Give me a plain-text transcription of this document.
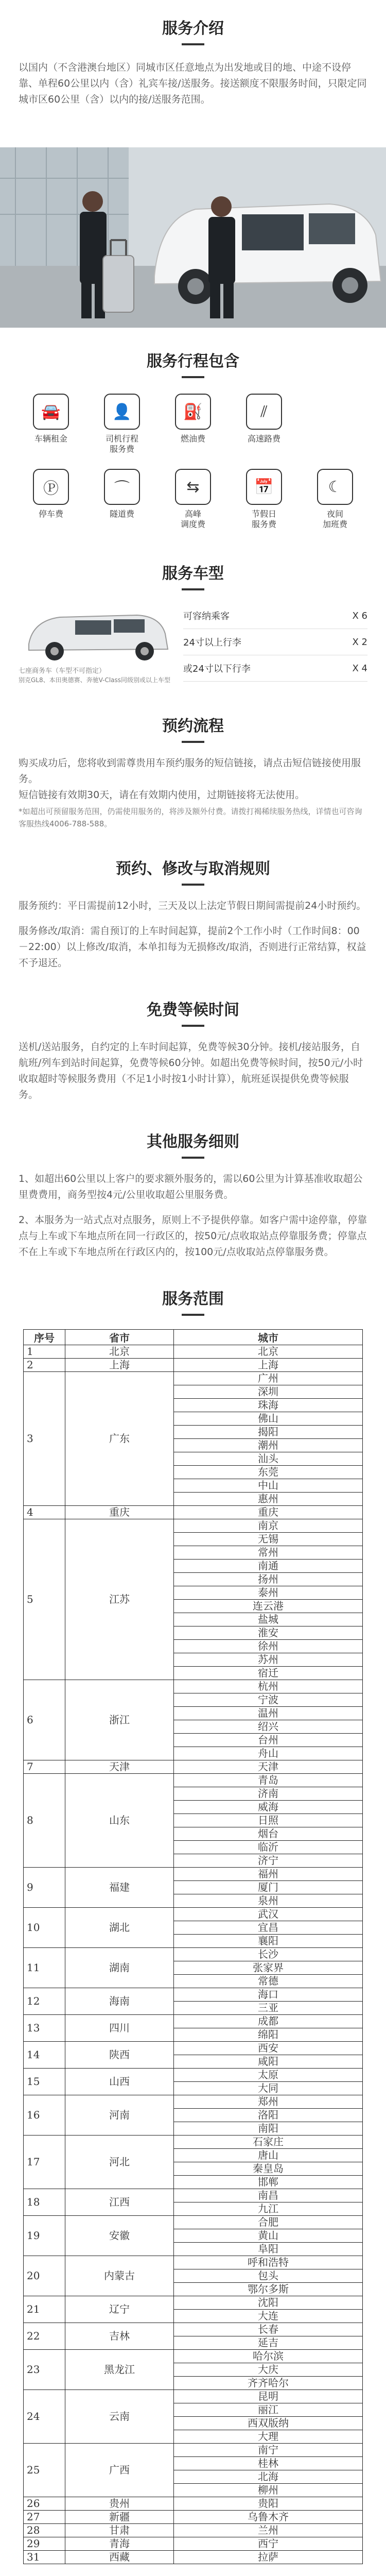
服务介绍

以国内（不含港澳台地区）同城市区任意地点为出发地或目的地、中途不设停靠、单程60公里以内（含）礼宾车接/送服务。接送额度不限服务时间，只限定同城市区60公里（含）以内的接/送服务范围。

服务行程包含
🚘
车辆租金
👤
司机行程
服务费
⛽
燃油费
⫽
高速路费
Ⓟ
停车费
⌒
隧道费
⇆
高峰
调度费
📅
节假日
服务费
☾
夜间
加班费
服务车型
七座商务车（车型不可指定）
别克GL8、本田奥德赛、奔驰V-Class同级别或以上车型
可容纳乘客	X 6
24寸以上行李	X 2
或24寸以下行李	X 4
预约流程

购买成功后，您将收到需尊贵用车预约服务的短信链接，请点击短信链接使用服务。

短信链接有效期30天，请在有效期内使用，过期链接将无法使用。

*如超出可预留服务范围，仍需使用服务的，将涉及额外付费。请拨打褐稀续服务热线，详情也可咨询客服热线4006-788-588。

预约、修改与取消规则

服务预约：平日需提前12小时，三天及以上法定节假日期间需提前24小时预约。

服务修改/取消：需自预订的上车时间起算，提前2个工作小时（工作时间8：00－22:00）以上修改/取消，本单扣每为无损修改/取消，否则进行正常结算，权益不予退还。

免费等候时间

送机/送站服务，自约定的上车时间起算，免费等候30分钟。接机/接站服务，自航班/列车到站时间起算，免费等候60分钟。如超出免费等候时间，按50元/小时收取超时等候服务费用（不足1小时按1小时计算），航班延误提供免费等候服务。

其他服务细则

1、如超出60公里以上客户的要求额外服务的，需以60公里为计算基准收取超公里费费用，商务型按4元/公里收取超公里服务费。

2、本服务为一站式点对点服务，原则上不予提供停靠。如客户需中途停靠，停靠点与上车或下车地点所在同一行政区的，按50元/点收取站点停靠服务费；停靠点不在上车或下车地点所在行政区内的，按100元/点收取站点停靠服务费。

服务范围
序号	省市	城市
1	北京	北京
2	上海	上海
3	广东	广州
		深圳
		珠海
		佛山
		揭阳
		潮州
		汕头
		东莞
		中山
		惠州
4	重庆	重庆
5	江苏	南京
		无锡
		常州
		南通
		扬州
		泰州
		连云港
		盐城
		淮安
		徐州
		苏州
		宿迁
6	浙江	杭州
		宁波
		温州
		绍兴
		台州
		舟山
7	天津	天津
8	山东	青岛
		济南
		威海
		日照
		烟台
		临沂
		济宁
9	福建	福州
		厦门
		泉州
10	湖北	武汉
		宜昌
		襄阳
11	湖南	长沙
		张家界
		常德
12	海南	海口
		三亚
13	四川	成都
		绵阳
14	陕西	西安
		咸阳
15	山西	太原
		大同
16	河南	郑州
		洛阳
		南阳
17	河北	石家庄
		唐山
		秦皇岛
		邯郸
18	江西	南昌
		九江
19	安徽	合肥
		黄山
		阜阳
20	内蒙古	呼和浩特
		包头
		鄂尔多斯
21	辽宁	沈阳
		大连
22	吉林	长春
		延吉
23	黑龙江	哈尔滨
		大庆
		齐齐哈尔
24	云南	昆明
		丽江
		西双版纳
		大理
25	广西	南宁
		桂林
		北海
		柳州
26	贵州	贵阳
27	新疆	乌鲁木齐
28	甘肃	兰州
29	青海	西宁
31	西藏	拉萨
